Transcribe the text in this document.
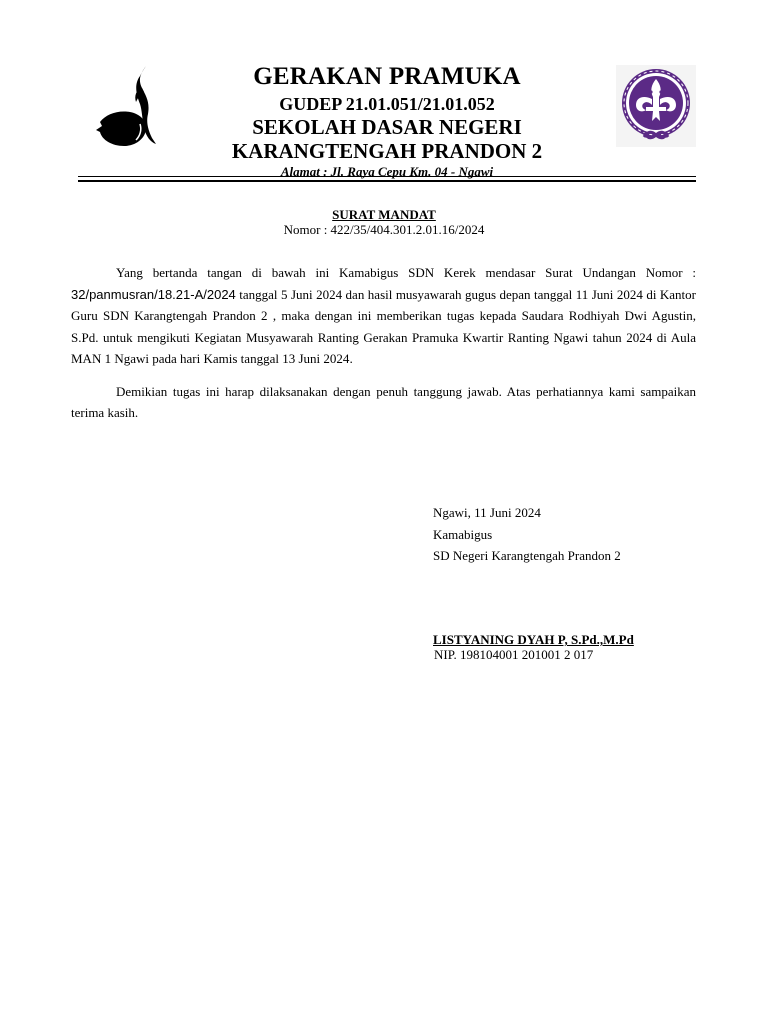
GERAKAN PRAMUKA
GUDEP 21.01.051/21.01.052
SEKOLAH DASAR NEGERI
KARANGTENGAH PRANDON 2
Alamat : Jl. Raya Cepu Km. 04 - Ngawi
SURAT MANDAT
Nomor : 422/35/404.301.2.01.16/2024

Yang bertanda tangan di bawah ini Kamabigus SDN Kerek mendasar Surat Undangan Nomor : 32/panmusran/18.21-A/2024 tanggal 5 Juni 2024 dan hasil musyawarah gugus depan tanggal 11 Juni 2024 di Kantor Guru SDN Karangtengah Prandon 2 , maka dengan ini memberikan tugas kepada Saudara Rodhiyah Dwi Agustin, S.Pd. untuk mengikuti Kegiatan Musyawarah Ranting Gerakan Pramuka Kwartir Ranting Ngawi tahun 2024 di Aula MAN 1 Ngawi pada hari Kamis tanggal 13 Juni 2024.

Demikian tugas ini harap dilaksanakan dengan penuh tanggung jawab. Atas perhatiannya kami sampaikan terima kasih.

Ngawi, 11 Juni 2024
Kamabigus
SD Negeri Karangtengah Prandon 2
LISTYANING DYAH P, S.Pd.,M.Pd
NIP. 198104001 201001 2 017
